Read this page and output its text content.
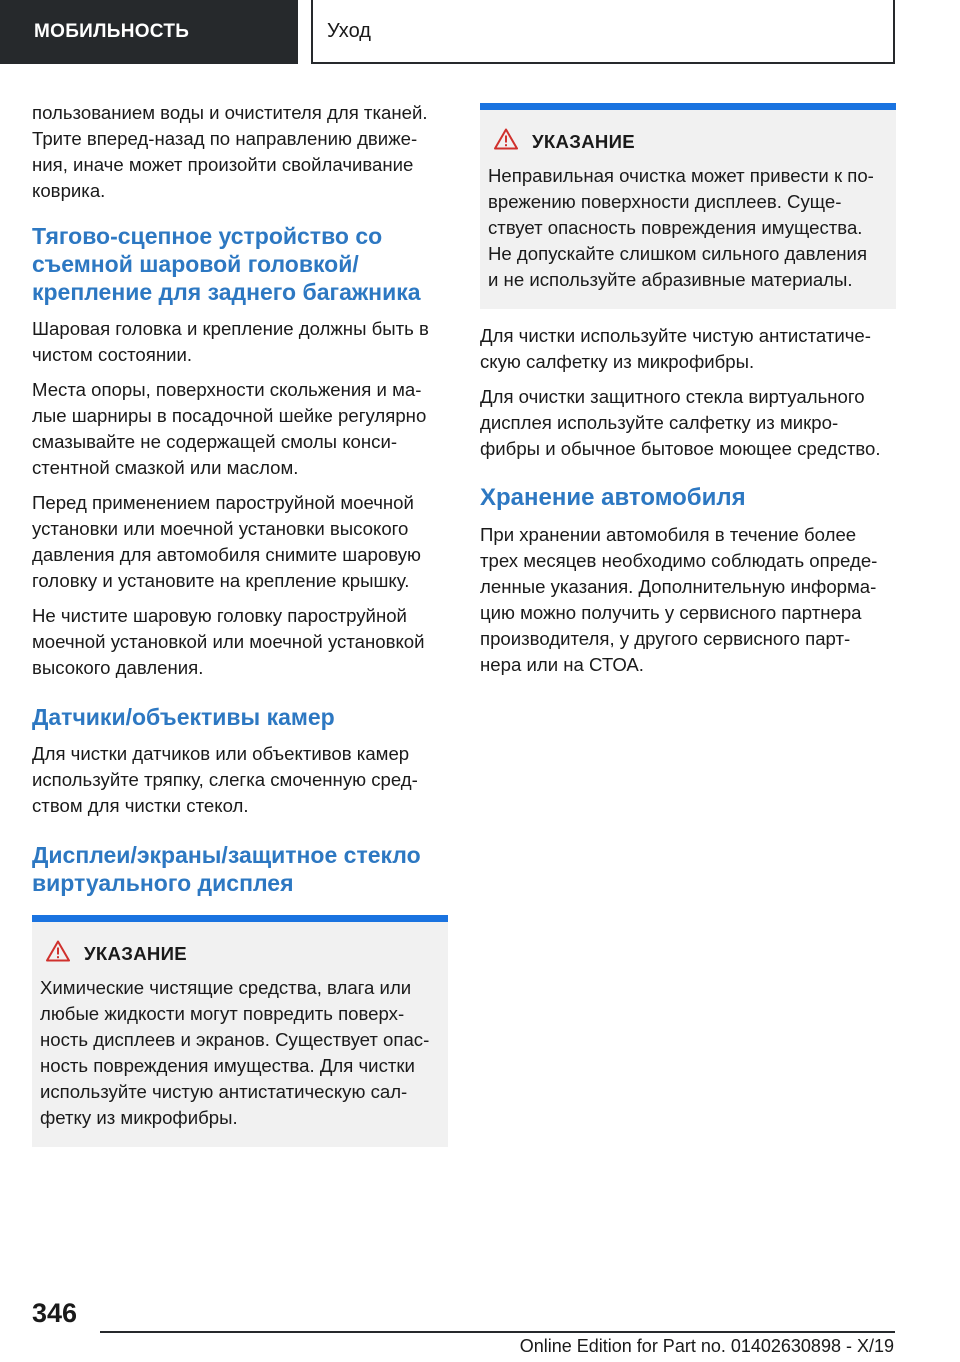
МОБИЛЬНОСТЬ	Уход

пользованием воды и очистителя для тканей.
Трите вперед-назад по направлению движе-
ния, иначе может произойти свойлачивание
коврика.

Тягово-сцепное устройство со
съемной шаровой головкой/
крепление для заднего багажника

Шаровая головка и крепление должны быть в
чистом состоянии.

Места опоры, поверхности скольжения и ма-
лые шарниры в посадочной шейке регулярно
смазывайте не содержащей смолы конси-
стентной смазкой или маслом.

Перед применением пароструйной моечной
установки или моечной установки высокого
давления для автомобиля снимите шаровую
головку и установите на крепление крышку.

Не чистите шаровую головку пароструйной
моечной установкой или моечной установкой
высокого давления.

Датчики/объективы камер

Для чистки датчиков или объективов камер
используйте тряпку, слегка смоченную сред-
ством для чистки стекол.

Дисплеи/экраны/защитное стекло
виртуального дисплея
УКАЗАНИЕ

Химические чистящие средства, влага или
любые жидкости могут повредить поверх-
ность дисплеев и экранов. Существует опас-
ность повреждения имущества. Для чистки
используйте чистую антистатическую сал-
фетку из микрофибры.

УКАЗАНИЕ

Неправильная очистка может привести к по-
врежению поверхности дисплеев. Суще-
ствует опасность повреждения имущества.
Не допускайте слишком сильного давления
и не используйте абразивные материалы.

Для чистки используйте чистую антистатиче-
скую салфетку из микрофибры.

Для очистки защитного стекла виртуального
дисплея используйте салфетку из микро-
фибры и обычное бытовое моющее средство.

Хранение автомобиля

При хранении автомобиля в течение более
трех месяцев необходимо соблюдать опреде-
ленные указания. Дополнительную информа-
цию можно получить у сервисного партнера
производителя, у другого сервисного парт-
нера или на СТОА.

346
Online Edition for Part no. 01402630898 - X/19
